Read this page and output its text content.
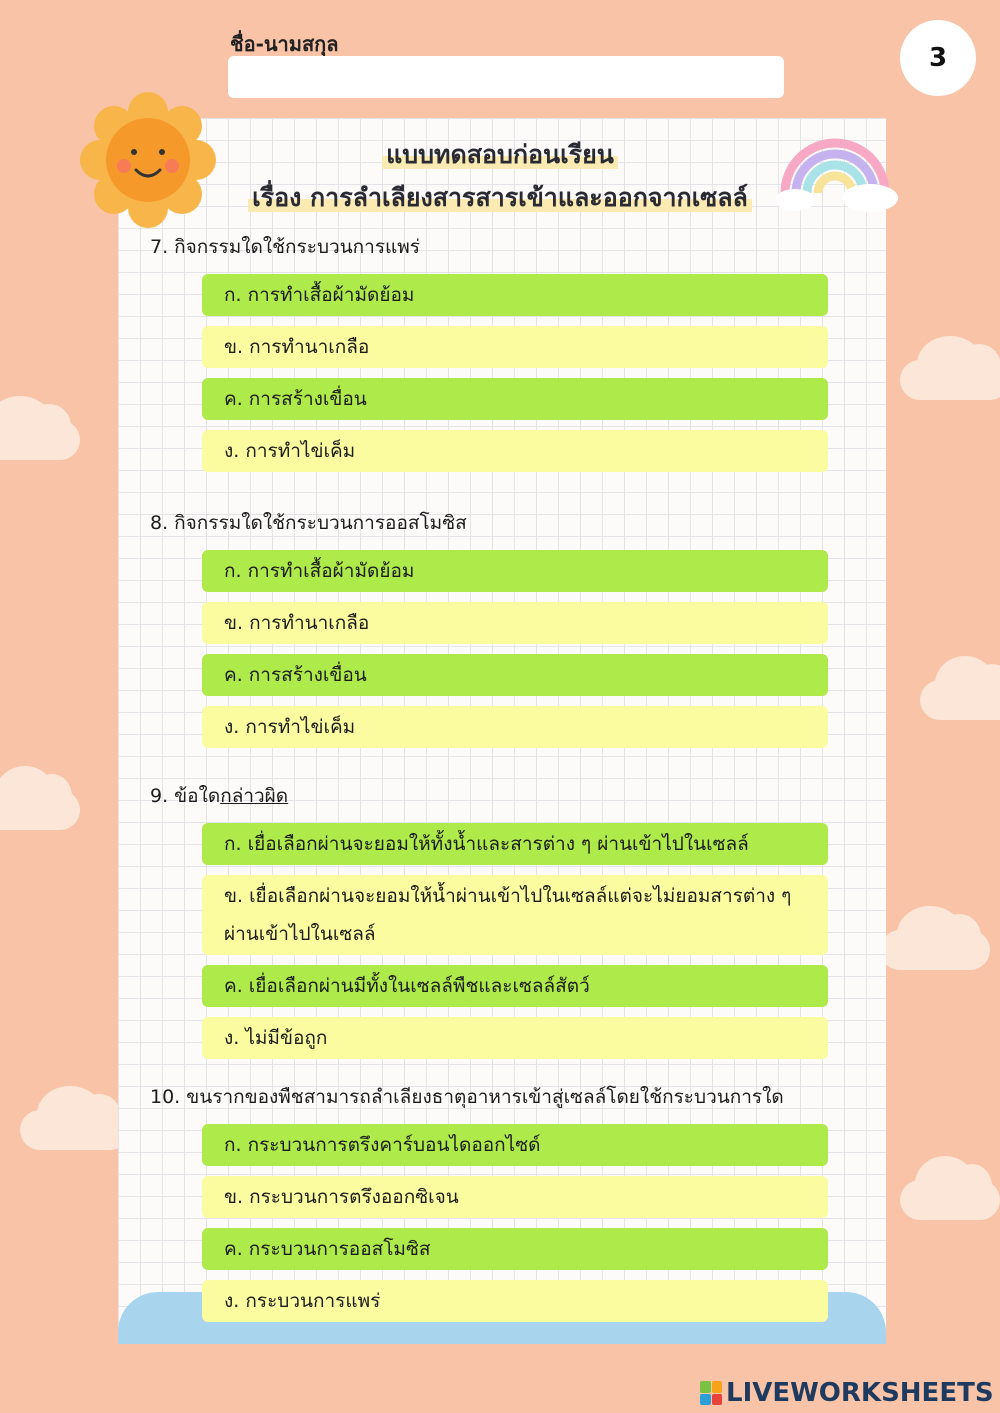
ชื่อ-นามสกุล	3
แบบทดสอบก่อนเรียน
เรื่อง การลำเลียงสารสารเข้าและออกจากเซลล์
7. กิจกรรมใดใช้กระบวนการแพร่
ก. การทำเสื้อผ้ามัดย้อม
ข. การทำนาเกลือ
ค. การสร้างเขื่อน
ง. การทำไข่เค็ม
8. กิจกรรมใดใช้กระบวนการออสโมซิส
ก. การทำเสื้อผ้ามัดย้อม
ข. การทำนาเกลือ
ค. การสร้างเขื่อน
ง. การทำไข่เค็ม
9. ข้อใดกล่าวผิด
ก. เยื่อเลือกผ่านจะยอมให้ทั้งน้ำและสารต่าง ๆ ผ่านเข้าไปในเซลล์
ข. เยื่อเลือกผ่านจะยอมให้น้ำผ่านเข้าไปในเซลล์แต่จะไม่ยอมสารต่าง ๆ ผ่านเข้าไปในเซลล์
ค. เยื่อเลือกผ่านมีทั้งในเซลล์พืชและเซลล์สัตว์
ง. ไม่มีข้อถูก
10. ขนรากของพืชสามารถลำเลียงธาตุอาหารเข้าสู่เซลล์โดยใช้กระบวนการใด
ก. กระบวนการตรึงคาร์บอนไดออกไซด์
ข. กระบวนการตรึงออกซิเจน
ค. กระบวนการออสโมซิส
ง. กระบวนการแพร่
LIVEWORKSHEETS
